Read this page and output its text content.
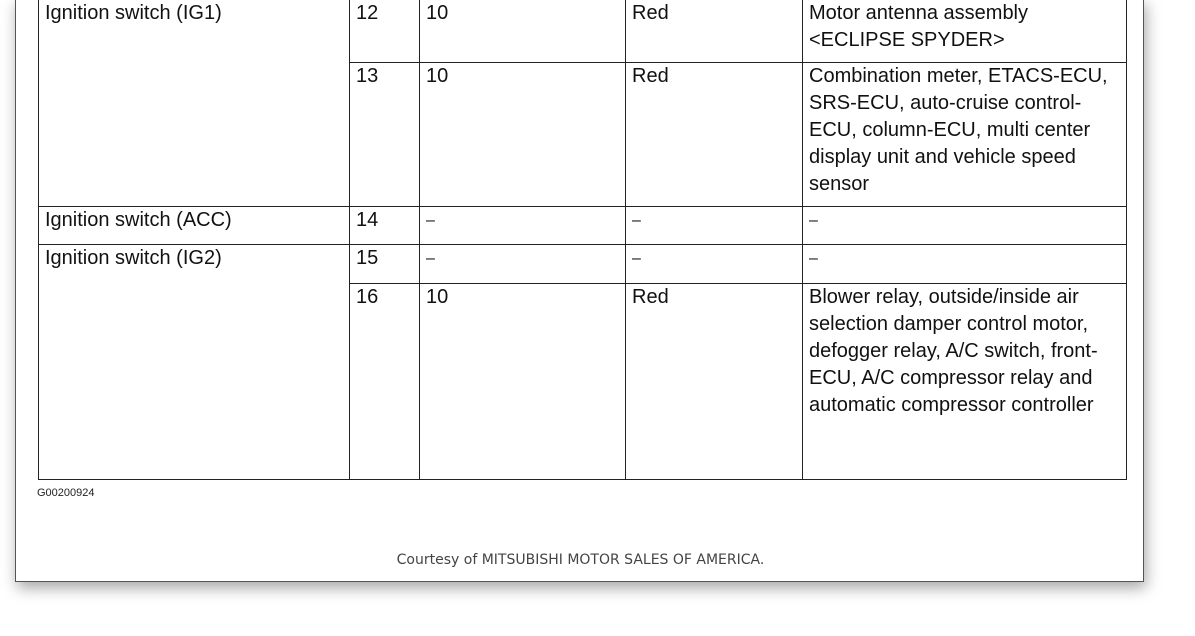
Ignition switch (IG1)	12	10	Red	Motor antenna assembly <ECLIPSE SPYDER>
	13	10	Red	Combination meter, ETACS-ECU, SRS-ECU, auto-cruise control-ECU, column-ECU, multi center display unit and vehicle speed sensor
Ignition switch (ACC)	14	–	–	–
Ignition switch (IG2)	15	–	–	–
	16	10	Red	Blower relay, outside/inside air selection damper control motor, defogger relay, A/C switch, front-ECU, A/C compressor relay and automatic compressor controller
G00200924
Courtesy of MITSUBISHI MOTOR SALES OF AMERICA.
